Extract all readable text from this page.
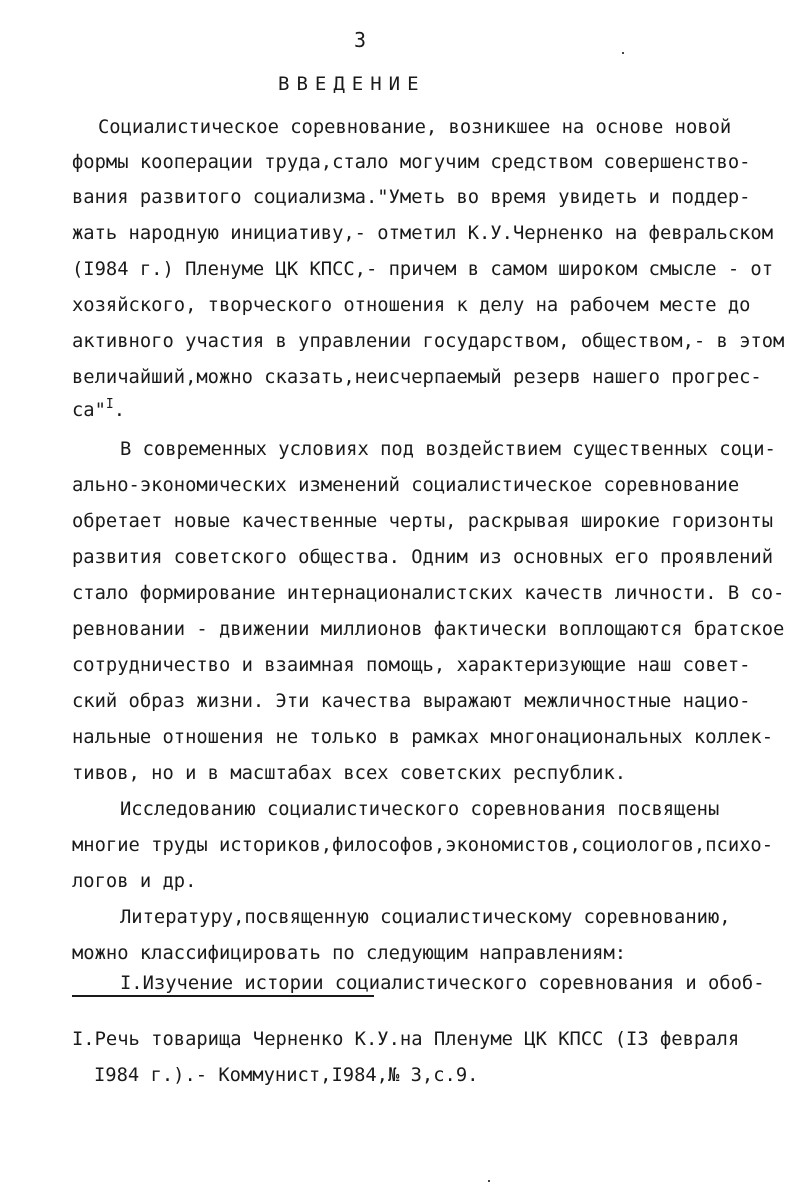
3
ВВЕДЕНИЕ
Социалистическое соревнование, возникшее на основе новой
формы кооперации труда,стало могучим средством совершенство-
вания развитого социализма."Уметь во время увидеть и поддер-
жать народную инициативу,- отметил К.У.Черненко на февральском
(I984 г.) Пленуме ЦК КПСС,- причем в самом широком смысле - от
хозяйского, творческого отношения к делу на рабочем месте до
активного участия в управлении государством, обществом,- в этом
величайший,можно сказать,неисчерпаемый резерв нашего прогрес-
са"$^I$.
В современных условиях под воздействием существенных соци-
ально-экономических изменений социалистическое соревнование
обретает новые качественные черты, раскрывая широкие горизонты
развития советского общества. Одним из основных его проявлений
стало формирование интернационалистских качеств личности. В со-
ревновании - движении миллионов фактически воплощаются братское
сотрудничество и взаимная помощь, характеризующие наш совет-
ский образ жизни. Эти качества выражают межличностные нацио-
нальные отношения не только в рамках многонациональных коллек-
тивов, но и в масштабах всех советских республик.
Исследованию социалистического соревнования посвящены
многие труды историков,философов,экономистов,социологов,психо-
логов и др.
Литературу,посвященную социалистическому соревнованию,
можно классифицировать по следующим направлениям:
I.Изучение истории социалистического соревнования и обоб-
I.Речь товарища Черненко К.У.на Пленуме ЦК КПСС (I3 февраля
I984 г.).- Коммунист,I984,№ 3,с.9.
